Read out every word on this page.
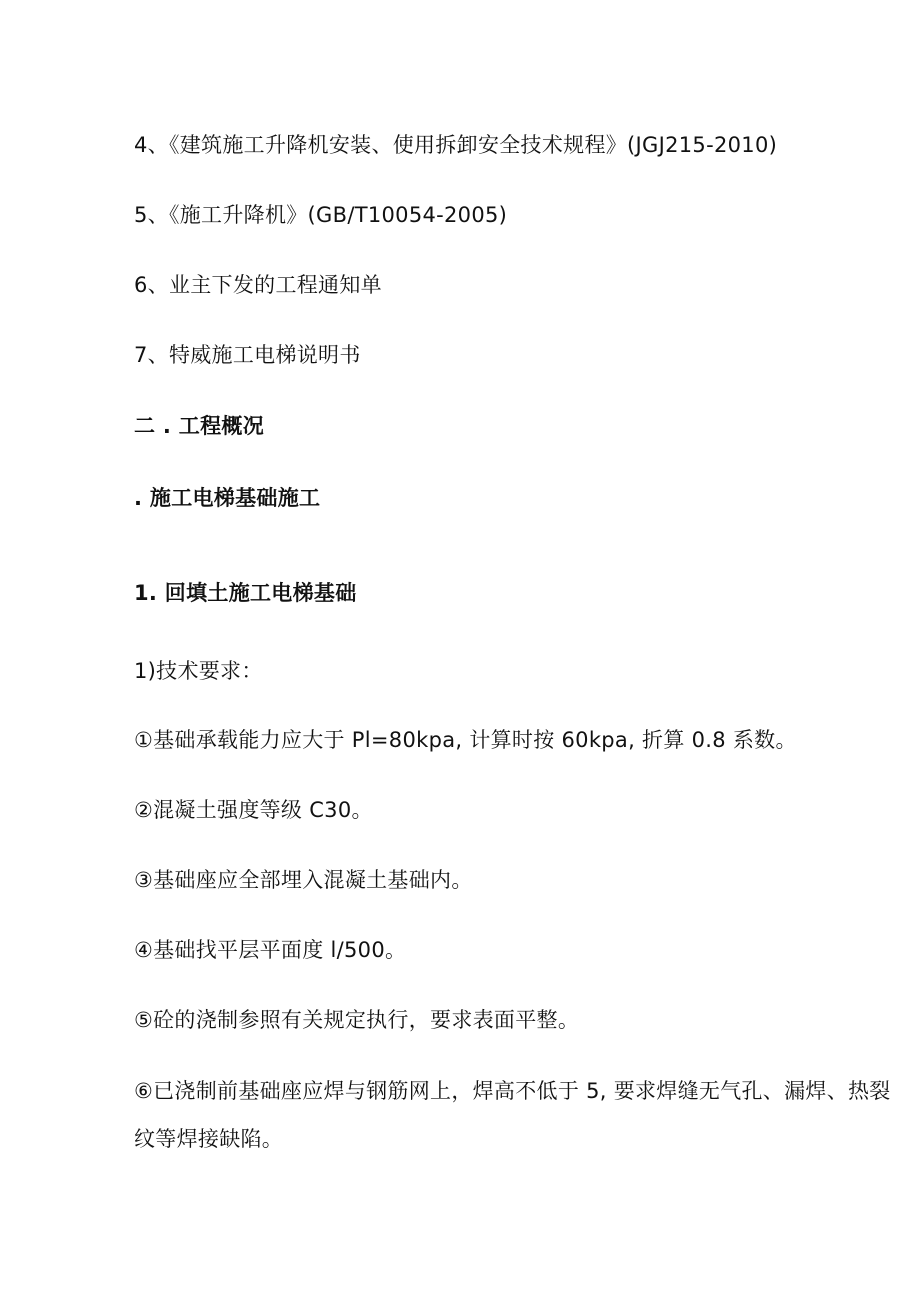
4、《建筑施工升降机安装、使用拆卸安全技术规程》(JGJ215-2010)
5、《施工升降机》(GB/T10054-2005)
6、业主下发的工程通知单
7、特威施工电梯说明书
二 . 工程概况
. 施工电梯基础施工
1. 回填土施工电梯基础
1)技术要求：
①基础承载能力应大于 Pl=80kpa, 计算时按 60kpa, 折算 0.8 系数。
②混凝土强度等级 C30。
③基础座应全部埋入混凝土基础内。
④基础找平层平面度 l/500。
⑤砼的浇制参照有关规定执行，要求表面平整。
⑥已浇制前基础座应焊与钢筋网上，焊高不低于 5, 要求焊缝无气孔、漏焊、热裂
纹等焊接缺陷。
